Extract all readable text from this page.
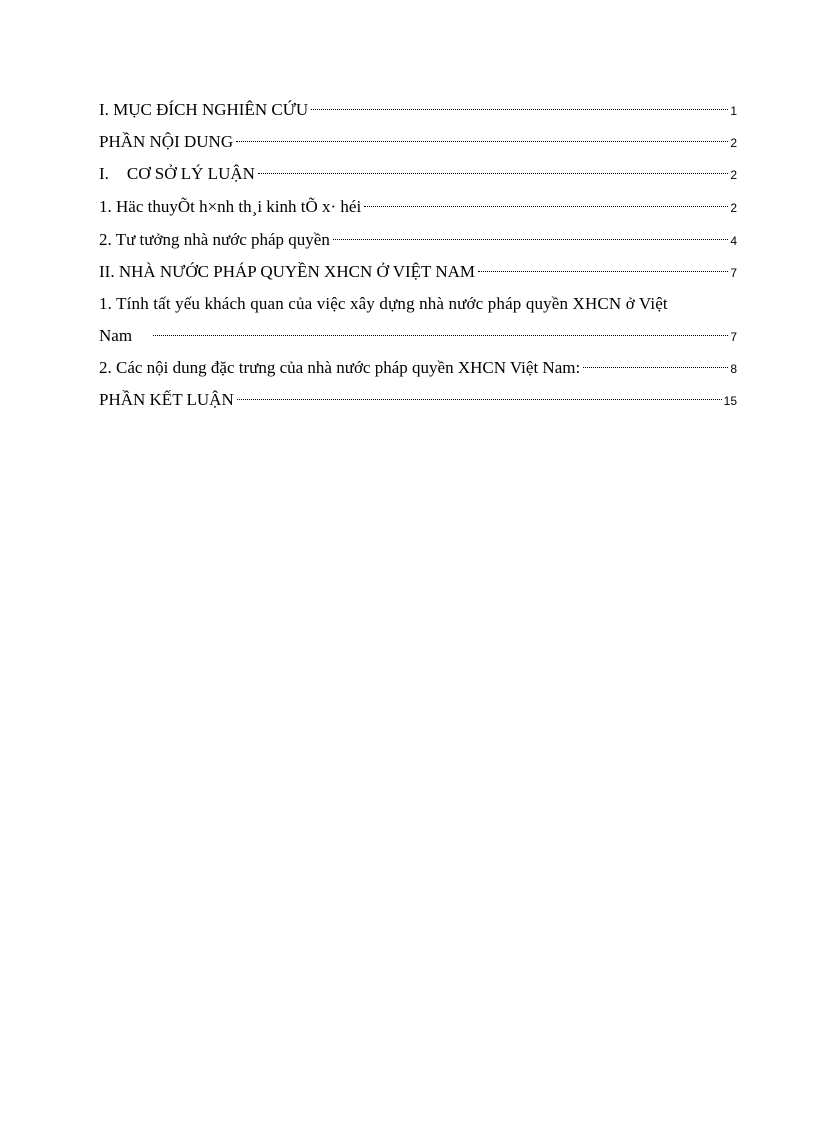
I. MỤC ĐÍCH NGHIÊN CỨU	1
PHẦN NỘI DUNG	2
I. CƠ SỞ LÝ LUẬN	2
1. Häc thuyÕt h×nh th¸i kinh tÕ x· héi	2
2. Tư tưởng nhà nước pháp quyền	4
II. NHÀ NƯỚC PHÁP QUYỀN XHCN Ở VIỆT NAM	7
1. Tính tất yếu khách quan của việc xây dựng nhà nước pháp quyền XHCN ở Việt
Nam	7
2. Các nội dung đặc trưng của nhà nước pháp quyền XHCN Việt Nam:	8
PHẦN KẾT LUẬN	15
